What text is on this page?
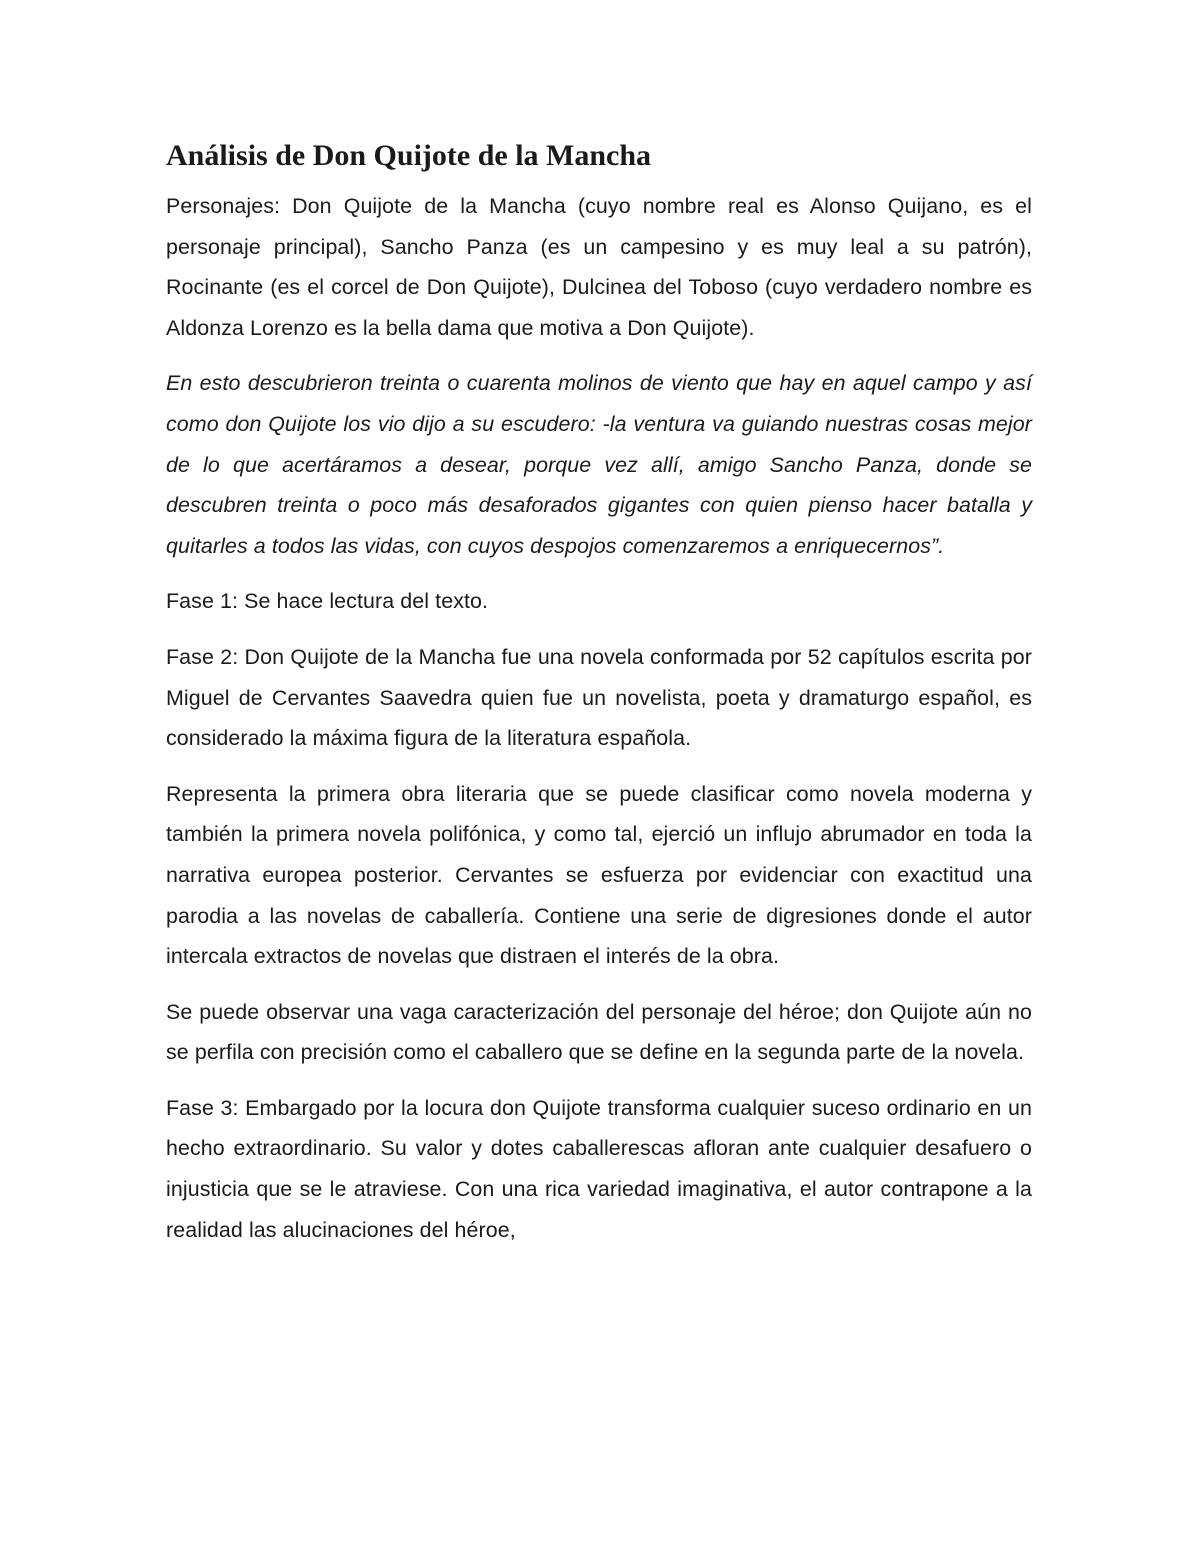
Análisis de Don Quijote de la Mancha

Personajes: Don Quijote de la Mancha (cuyo nombre real es Alonso Quijano, es el personaje principal), Sancho Panza (es un campesino y es muy leal a su patrón), Rocinante (es el corcel de Don Quijote), Dulcinea del Toboso (cuyo verdadero nombre es Aldonza Lorenzo es la bella dama que motiva a Don Quijote).

En esto descubrieron treinta o cuarenta molinos de viento que hay en aquel campo y así como don Quijote los vio dijo a su escudero: -la ventura va guiando nuestras cosas mejor de lo que acertáramos a desear, porque vez allí, amigo Sancho Panza, donde se descubren treinta o poco más desaforados gigantes con quien pienso hacer batalla y quitarles a todos las vidas, con cuyos despojos comenzaremos a enriquecernos”.

Fase 1: Se hace lectura del texto.

Fase 2: Don Quijote de la Mancha fue una novela conformada por 52 capítulos escrita por Miguel de Cervantes Saavedra quien fue un novelista, poeta y dramaturgo español, es considerado la máxima figura de la literatura española.

Representa la primera obra literaria que se puede clasificar como novela moderna y también la primera novela polifónica, y como tal, ejerció un influjo abrumador en toda la narrativa europea posterior. Cervantes se esfuerza por evidenciar con exactitud una parodia a las novelas de caballería. Contiene una serie de digresiones donde el autor intercala extractos de novelas que distraen el interés de la obra.

Se puede observar una vaga caracterización del personaje del héroe; don Quijote aún no se perfila con precisión como el caballero que se define en la segunda parte de la novela.

Fase 3: Embargado por la locura don Quijote transforma cualquier suceso ordinario en un hecho extraordinario. Su valor y dotes caballerescas afloran ante cualquier desafuero o injusticia que se le atraviese. Con una rica variedad imaginativa, el autor contrapone a la realidad las alucinaciones del héroe,
